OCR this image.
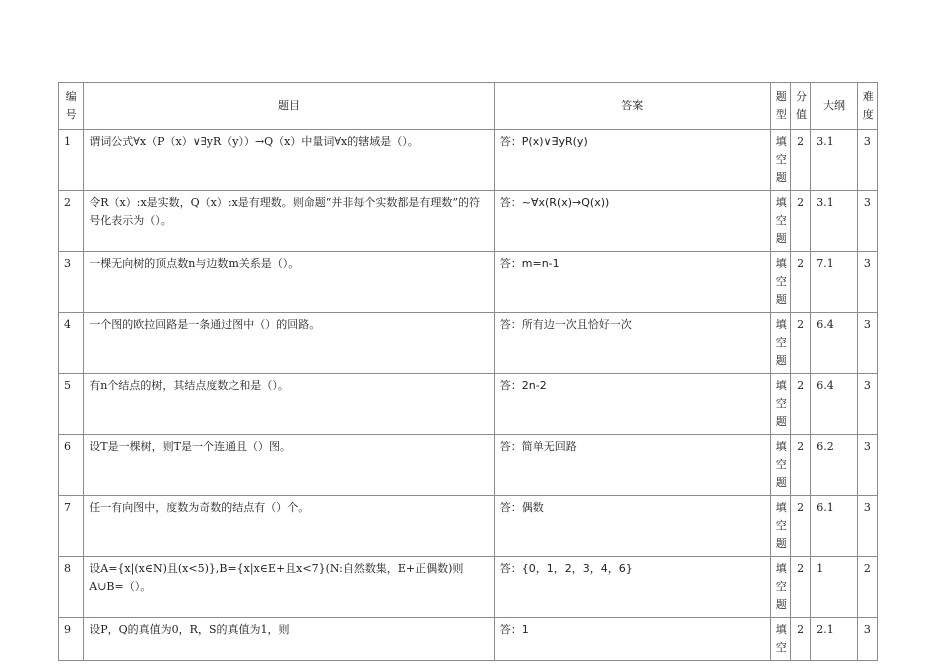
编号	题目	答案	题型	分值	大纲	难度
1	谓词公式∀x（P（x）∨∃yR（y））→Q（x）中量词∀x的辖域是（）。	答：P(x)∨∃yR(y)	填空题	2	3.1	3
2	令R（x）:x是实数，Q（x）:x是有理数。则命题“并非每个实数都是有理数”的符号化表示为（）。	答：~∀x(R(x)→Q(x))	填空题	2	3.1	3
3	一棵无向树的顶点数n与边数m关系是（）。	答：m=n-1	填空题	2	7.1	3
4	一个图的欧拉回路是一条通过图中（）的回路。	答：所有边一次且恰好一次	填空题	2	6.4	3
5	有n个结点的树，其结点度数之和是（）。	答：2n-2	填空题	2	6.4	3
6	设T是一棵树，则T是一个连通且（）图。	答：简单无回路	填空题	2	6.2	3
7	任一有向图中，度数为奇数的结点有（）个。	答：偶数	填空题	2	6.1	3
8	设A={x|(x∈N)且(x<5)},B={x|x∈E+且x<7}(N:自然数集，E+正偶数)则A∪B=（）。	答：{0，1，2，3，4，6}	填空题	2	1	2
9	设P，Q的真值为0，R，S的真值为1，则	答：1	填空	2	2.1	3
